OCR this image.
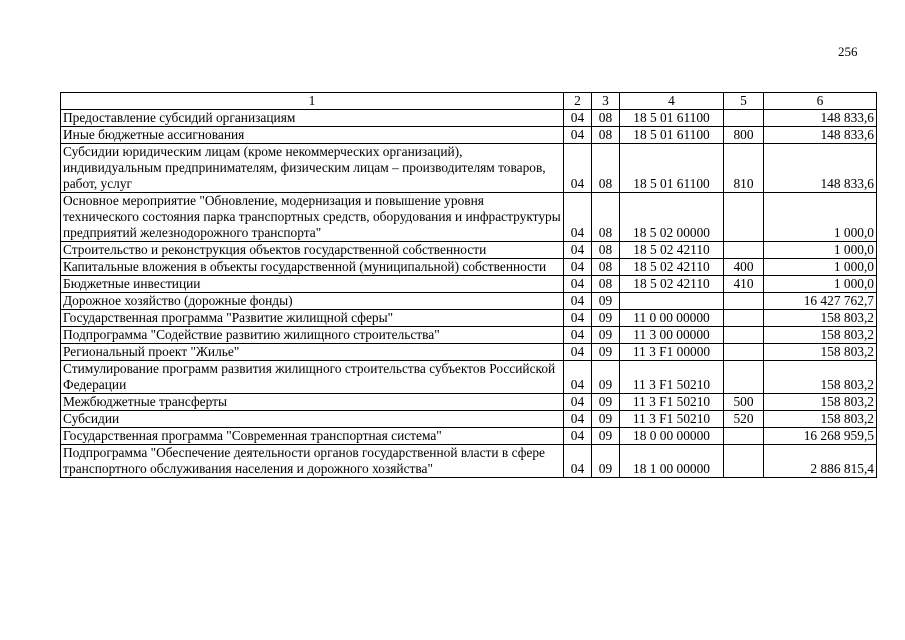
256
1	2	3	4	5	6
Предоставление субсидий организациям	04	08	18 5 01 61100		148 833,6
Иные бюджетные ассигнования	04	08	18 5 01 61100	800	148 833,6
Субсидии юридическим лицам (кроме некоммерческих организаций), индивидуальным предпринимателям, физическим лицам – производителям товаров, работ, услуг	04	08	18 5 01 61100	810	148 833,6
Основное мероприятие "Обновление, модернизация и повышение уровня технического состояния парка транспортных средств, оборудования и инфраструктуры предприятий железнодорожного транспорта"	04	08	18 5 02 00000		1 000,0
Строительство и реконструкция объектов государственной собственности	04	08	18 5 02 42110		1 000,0
Капитальные вложения в объекты государственной (муниципальной) собственности	04	08	18 5 02 42110	400	1 000,0
Бюджетные инвестиции	04	08	18 5 02 42110	410	1 000,0
Дорожное хозяйство (дорожные фонды)	04	09			16 427 762,7
Государственная программа "Развитие жилищной сферы"	04	09	11 0 00 00000		158 803,2
Подпрограмма "Содействие развитию жилищного строительства"	04	09	11 3 00 00000		158 803,2
Региональный проект "Жилье"	04	09	11 3 F1 00000		158 803,2
Стимулирование программ развития жилищного строительства субъектов Российской Федерации	04	09	11 3 F1 50210		158 803,2
Межбюджетные трансферты	04	09	11 3 F1 50210	500	158 803,2
Субсидии	04	09	11 3 F1 50210	520	158 803,2
Государственная программа "Современная транспортная система"	04	09	18 0 00 00000		16 268 959,5
Подпрограмма "Обеспечение деятельности органов государственной власти в сфере транспортного обслуживания населения и дорожного хозяйства"	04	09	18 1 00 00000		2 886 815,4
